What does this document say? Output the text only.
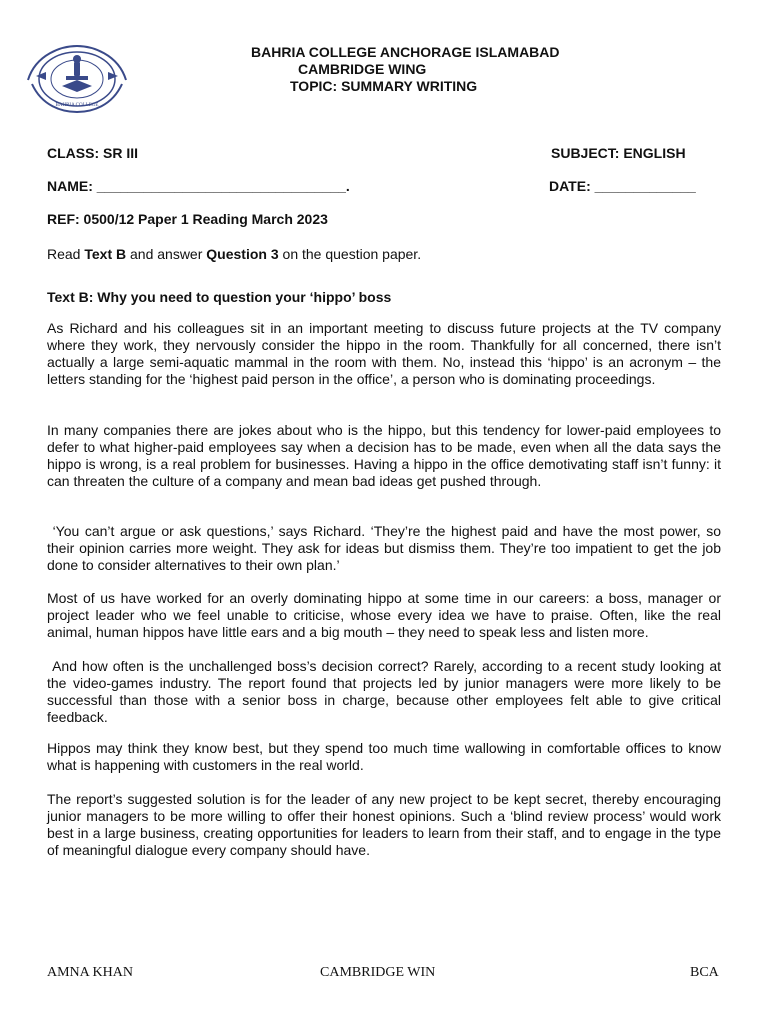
BAHRIA COLLEGE
BAHRIA COLLEGE ANCHORAGE ISLAMABAD
CAMBRIDGE WING
TOPIC: SUMMARY WRITING
CLASS: SR III	SUBJECT: ENGLISH
NAME: ________________________________.	DATE: _____________
REF: 0500/12 Paper 1 Reading March 2023
Read Text B and answer Question 3 on the question paper.
Text B: Why you need to question your ‘hippo’ boss

As Richard and his colleagues sit in an important meeting to discuss future projects at the TV company where they work, they nervously consider the hippo in the room. Thankfully for all concerned, there isn’t actually a large semi-aquatic mammal in the room with them. No, instead this ‘hippo’ is an acronym – the letters standing for the ‘highest paid person in the office’, a person who is dominating proceedings.

In many companies there are jokes about who is the hippo, but this tendency for lower-paid employees to defer to what higher-paid employees say when a decision has to be made, even when all the data says the hippo is wrong, is a real problem for businesses. Having a hippo in the office demotivating staff isn’t funny: it can threaten the culture of a company and mean bad ideas get pushed through.

‘You can’t argue or ask questions,’ says Richard. ‘They’re the highest paid and have the most power, so their opinion carries more weight. They ask for ideas but dismiss them. They’re too impatient to get the job done to consider alternatives to their own plan.’

Most of us have worked for an overly dominating hippo at some time in our careers: a boss, manager or project leader who we feel unable to criticise, whose every idea we have to praise. Often, like the real animal, human hippos have little ears and a big mouth – they need to speak less and listen more.

And how often is the unchallenged boss’s decision correct? Rarely, according to a recent study looking at the video-games industry. The report found that projects led by junior managers were more likely to be successful than those with a senior boss in charge, because other employees felt able to give critical feedback.

Hippos may think they know best, but they spend too much time wallowing in comfortable offices to know what is happening with customers in the real world.

The report’s suggested solution is for the leader of any new project to be kept secret, thereby encouraging junior managers to be more willing to offer their honest opinions. Such a ‘blind review process’ would work best in a large business, creating opportunities for leaders to learn from their staff, and to engage in the type of meaningful dialogue every company should have.

AMNA KHAN	CAMBRIDGE WIN	BCA
